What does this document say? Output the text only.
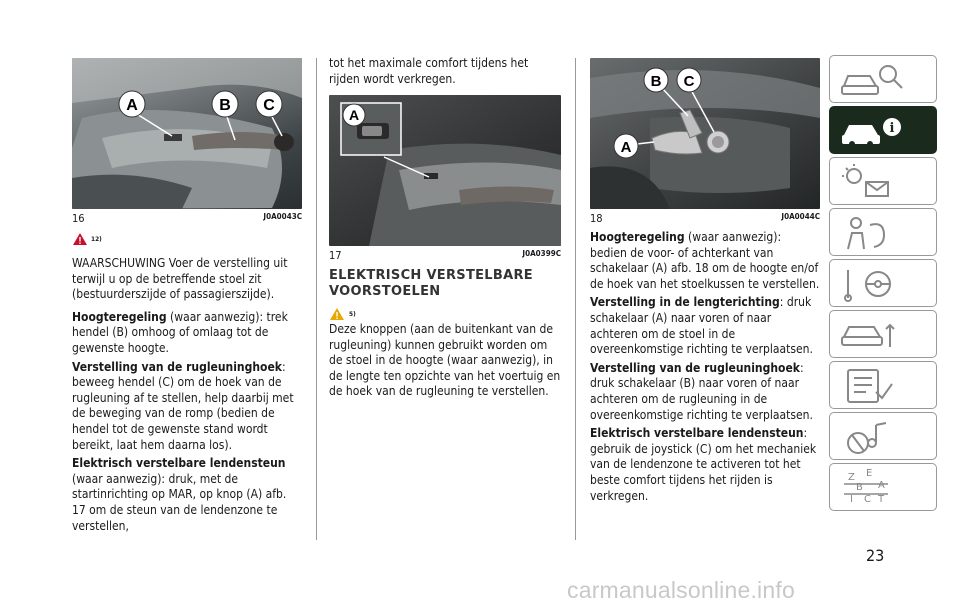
A	B C
16	J0A0043C
12)

WAARSCHUWING Voer de verstelling uit terwijl u op de betreffende stoel zit (bestuurderszijde of passagierszijde).

Hoogteregeling (waar aanwezig): trek hendel (B) omhoog of omlaag tot de gewenste hoogte.

Verstelling van de rugleuninghoek: beweeg hendel (C) om de hoek van de rugleuning af te stellen, help daarbij met de beweging van de romp (bedien de hendel tot de gewenste stand wordt bereikt, laat hem daarna los).

Elektrisch verstelbare lendensteun (waar aanwezig): druk, met de startinrichting op MAR, op knop (A) afb. 17 om de steun van de lendenzone te verstellen,

tot het maximale comfort tijdens het rijden wordt verkregen.

A
17	J0A0399C
ELEKTRISCH VERSTELBARE VOORSTOELEN
5)

Deze knoppen (aan de buitenkant van de rugleuning) kunnen gebruikt worden om de stoel in de hoogte (waar aanwezig), in de lengte ten opzichte van het voertuig en de hoek van de rugleuning te verstellen.

B C
A
18	J0A0044C

Hoogteregeling (waar aanwezig): bedien de voor- of achterkant van schakelaar (A) afb. 18 om de hoogte en/of de hoek van het stoelkussen te verstellen.

Verstelling in de lengterichting: druk schakelaar (A) naar voren of naar achteren om de stoel in de overeenkomstige richting te verplaatsen.

Verstelling van de rugleuninghoek: druk schakelaar (B) naar voren of naar achteren om de rugleuning in de overeenkomstige richting te verplaatsen.

Elektrisch verstelbare lendensteun: gebruik de joystick (C) om het mechaniek van de lendenzone te activeren tot het beste comfort tijdens het rijden is verkregen.

i
Z E
B A
I C T
23
carmanualsonline.info
